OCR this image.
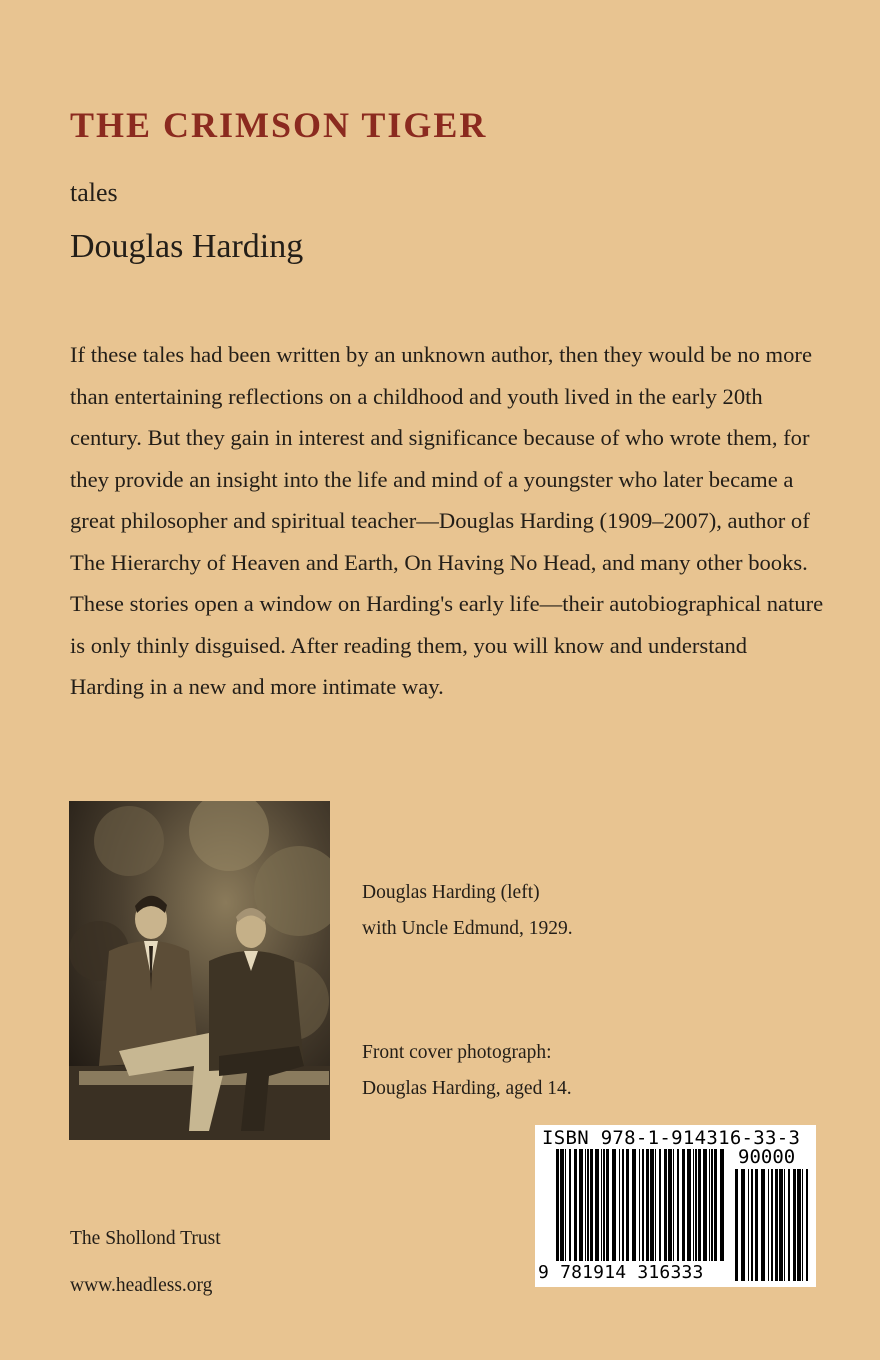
THE CRIMSON TIGER
tales
Douglas Harding
If these tales had been written by an unknown author, then they would be no more than entertaining reflections on a childhood and youth lived in the early 20th century. But they gain in interest and significance because of who wrote them, for they provide an insight into the life and mind of a youngster who later became a great philosopher and spiritual teacher—Douglas Harding (1909–2007), author of The Hierarchy of Heaven and Earth, On Having No Head, and many other books. These stories open a window on Harding's early life—their autobiographical nature is only thinly disguised. After reading them, you will know and understand Harding in a new and more intimate way.
Douglas Harding (left)
with Uncle Edmund, 1929.
Front cover photograph:
Douglas Harding, aged 14.
The Shollond Trust
www.headless.org
ISBN 978-1-914316-33-3
90000
9 781914 316333
